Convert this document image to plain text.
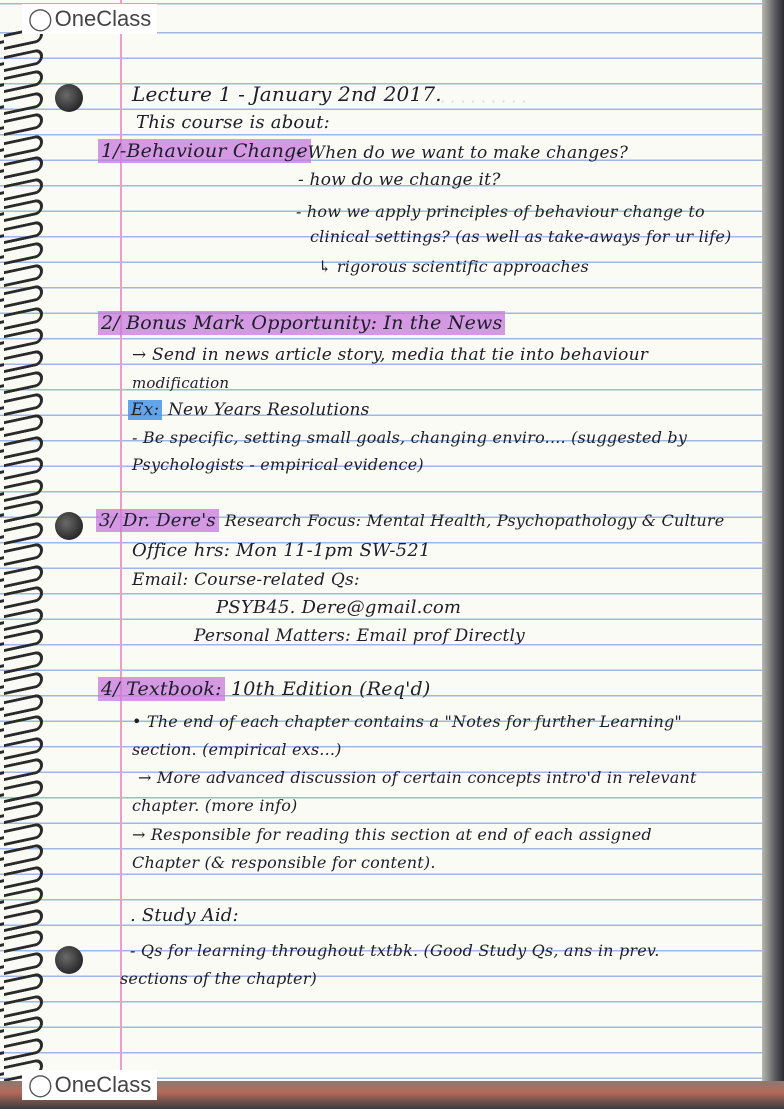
· · · · · · · · ·
Lecture 1 - January 2nd 2017.
This course is about:
1/-Behaviour Change
- When do we want to make changes?
- how do we change it?
- how we apply principles of behaviour change to
clinical settings? (as well as take-aways for ur life)
↳ rigorous scientific approaches
2/ Bonus Mark Opportunity: In the News
→ Send in news article story, media that tie into behaviour
modification
Ex: New Years Resolutions
- Be specific, setting small goals, changing enviro.... (suggested by
Psychologists - empirical evidence)
3/ Dr. Dere's Research Focus: Mental Health, Psychopathology & Culture
Office hrs: Mon 11-1pm SW-521
Email: Course-related Qs:
PSYB45. Dere@gmail.com
Personal Matters: Email prof Directly
4/ Textbook: 10th Edition (Req'd)
• The end of each chapter contains a "Notes for further Learning"
section. (empirical exs...)
→ More advanced discussion of certain concepts intro'd in relevant
chapter. (more info)
→ Responsible for reading this section at end of each assigned
Chapter (& responsible for content).
. Study Aid:
- Qs for learning throughout txtbk. (Good Study Qs, ans in prev.
sections of the chapter)
◯ OneClass
◯ OneClass
